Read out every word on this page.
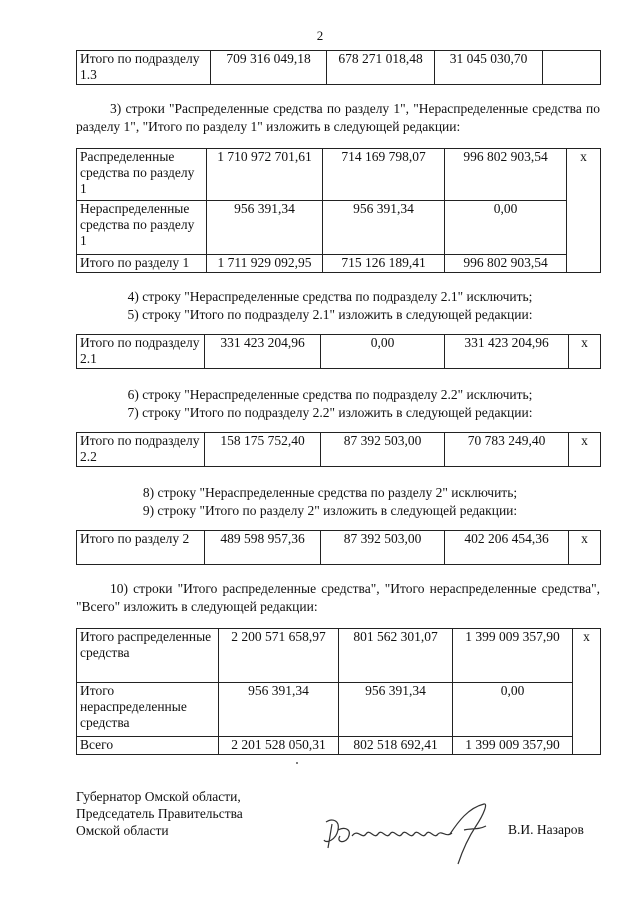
2
Итого по подразделу 1.3	709 316 049,18	678 271 018,48	31 045 030,70	
3) строки "Распределенные средства по разделу 1", "Нераспределенные средства по разделу 1", "Итого по разделу 1" изложить в следующей редакции:
Распределенные средства по разделу 1	1 710 972 701,61	714 169 798,07	996 802 903,54	x
Нераспределенные средства по разделу 1	956 391,34	956 391,34	0,00	
Итого по разделу 1	1 711 929 092,95	715 126 189,41	996 802 903,54	
4) строку "Нераспределенные средства по подразделу 2.1" исключить;
5) строку "Итого по подразделу 2.1" изложить в следующей редакции:
Итого по подразделу 2.1	331 423 204,96	0,00	331 423 204,96	x
6) строку "Нераспределенные средства по подразделу 2.2" исключить;
7) строку "Итого по подразделу 2.2" изложить в следующей редакции:
Итого по подразделу 2.2	158 175 752,40	87 392 503,00	70 783 249,40	x
8) строку "Нераспределенные средства по разделу 2" исключить;
9) строку "Итого по разделу 2" изложить в следующей редакции:
Итого по разделу 2	489 598 957,36	87 392 503,00	402 206 454,36	x
10) строки "Итого распределенные средства", "Итого нераспределенные средства", "Всего" изложить в следующей редакции:
Итого распределенные средства	2 200 571 658,97	801 562 301,07	1 399 009 357,90	x
Итого нераспределенные средства	956 391,34	956 391,34	0,00	
Всего	2 201 528 050,31	802 518 692,41	1 399 009 357,90	
Губернатор Омской области,
Председатель Правительства
Омской области	В.И. Назаров
